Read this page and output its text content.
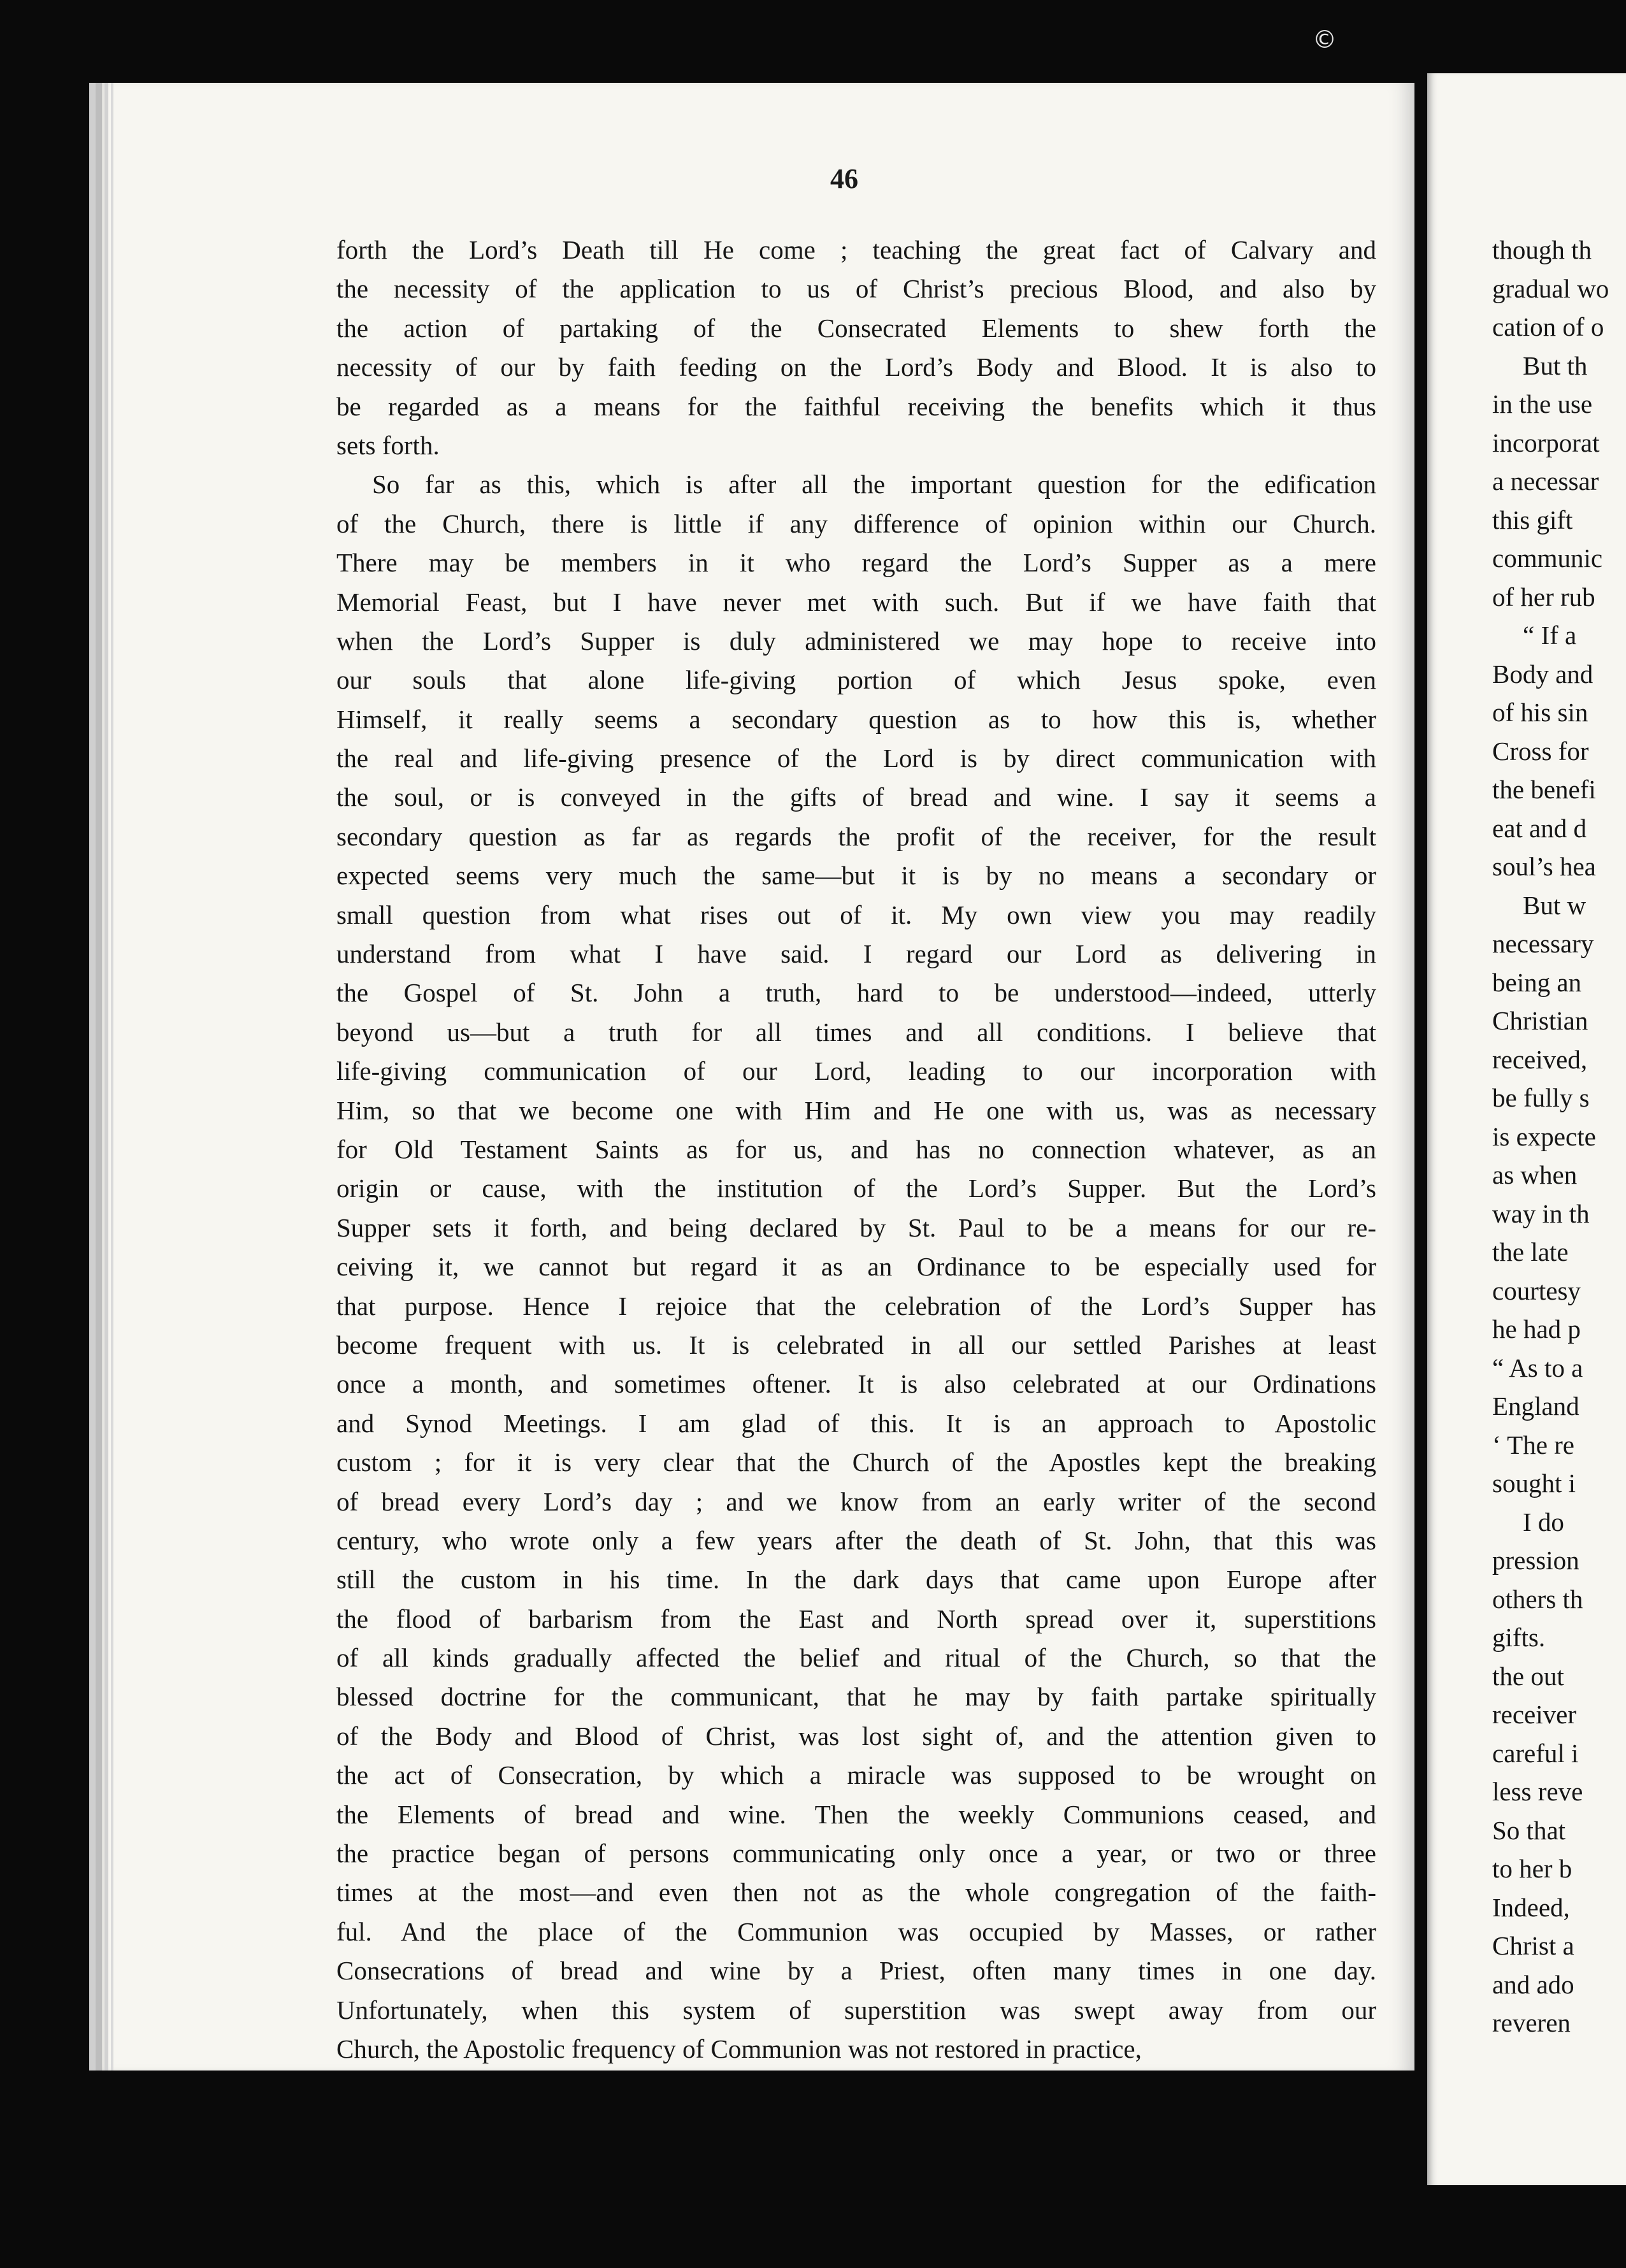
©
46
forth the Lord’s Death till He come ; teaching the great fact of Calvary and
the necessity of the application to us of Christ’s precious Blood, and also by
the action of partaking of the Consecrated Elements to shew forth the
necessity of our by faith feeding on the Lord’s Body and Blood. It is also to
be regarded as a means for the faithful receiving the benefits which it thus
sets forth.
So far as this, which is after all the important question for the edification
of the Church, there is little if any difference of opinion within our Church.
There may be members in it who regard the Lord’s Supper as a mere
Memorial Feast, but I have never met with such. But if we have faith that
when the Lord’s Supper is duly administered we may hope to receive into
our souls that alone life-giving portion of which Jesus spoke, even
Himself, it really seems a secondary question as to how this is, whether
the real and life-giving presence of the Lord is by direct communication with
the soul, or is conveyed in the gifts of bread and wine. I say it seems a
secondary question as far as regards the profit of the receiver, for the result
expected seems very much the same—but it is by no means a secondary or
small question from what rises out of it. My own view you may readily
understand from what I have said. I regard our Lord as delivering in
the Gospel of St. John a truth, hard to be understood—indeed, utterly
beyond us—but a truth for all times and all conditions. I believe that
life-giving communication of our Lord, leading to our incorporation with
Him, so that we become one with Him and He one with us, was as necessary
for Old Testament Saints as for us, and has no connection whatever, as an
origin or cause, with the institution of the Lord’s Supper. But the Lord’s
Supper sets it forth, and being declared by St. Paul to be a means for our re-
ceiving it, we cannot but regard it as an Ordinance to be especially used for
that purpose. Hence I rejoice that the celebration of the Lord’s Supper has
become frequent with us. It is celebrated in all our settled Parishes at least
once a month, and sometimes oftener. It is also celebrated at our Ordinations
and Synod Meetings. I am glad of this. It is an approach to Apostolic
custom ; for it is very clear that the Church of the Apostles kept the breaking
of bread every Lord’s day ; and we know from an early writer of the second
century, who wrote only a few years after the death of St. John, that this was
still the custom in his time. In the dark days that came upon Europe after
the flood of barbarism from the East and North spread over it, superstitions
of all kinds gradually affected the belief and ritual of the Church, so that the
blessed doctrine for the communicant, that he may by faith partake spiritually
of the Body and Blood of Christ, was lost sight of, and the attention given to
the act of Consecration, by which a miracle was supposed to be wrought on
the Elements of bread and wine. Then the weekly Communions ceased, and
the practice began of persons communicating only once a year, or two or three
times at the most—and even then not as the whole congregation of the faith-
ful. And the place of the Communion was occupied by Masses, or rather
Consecrations of bread and wine by a Priest, often many times in one day.
Unfortunately, when this system of superstition was swept away from our
Church, the Apostolic frequency of Communion was not restored in practice,
though th
gradual wo
cation of o
But th
in the use
incorporat
a necessar
this gift
communic
of her rub
“ If a
Body and
of his sin
Cross for
the benefi
eat and d
soul’s hea
But w
necessary
being an
Christian
received,
be fully s
is expecte
as when
way in th
the late
courtesy
he had p
“ As to a
England
‘ The re
sought i
I do
pression
others th
gifts.
the out
receiver
careful i
less reve
So that
to her b
Indeed,
Christ a
and ado
reveren
